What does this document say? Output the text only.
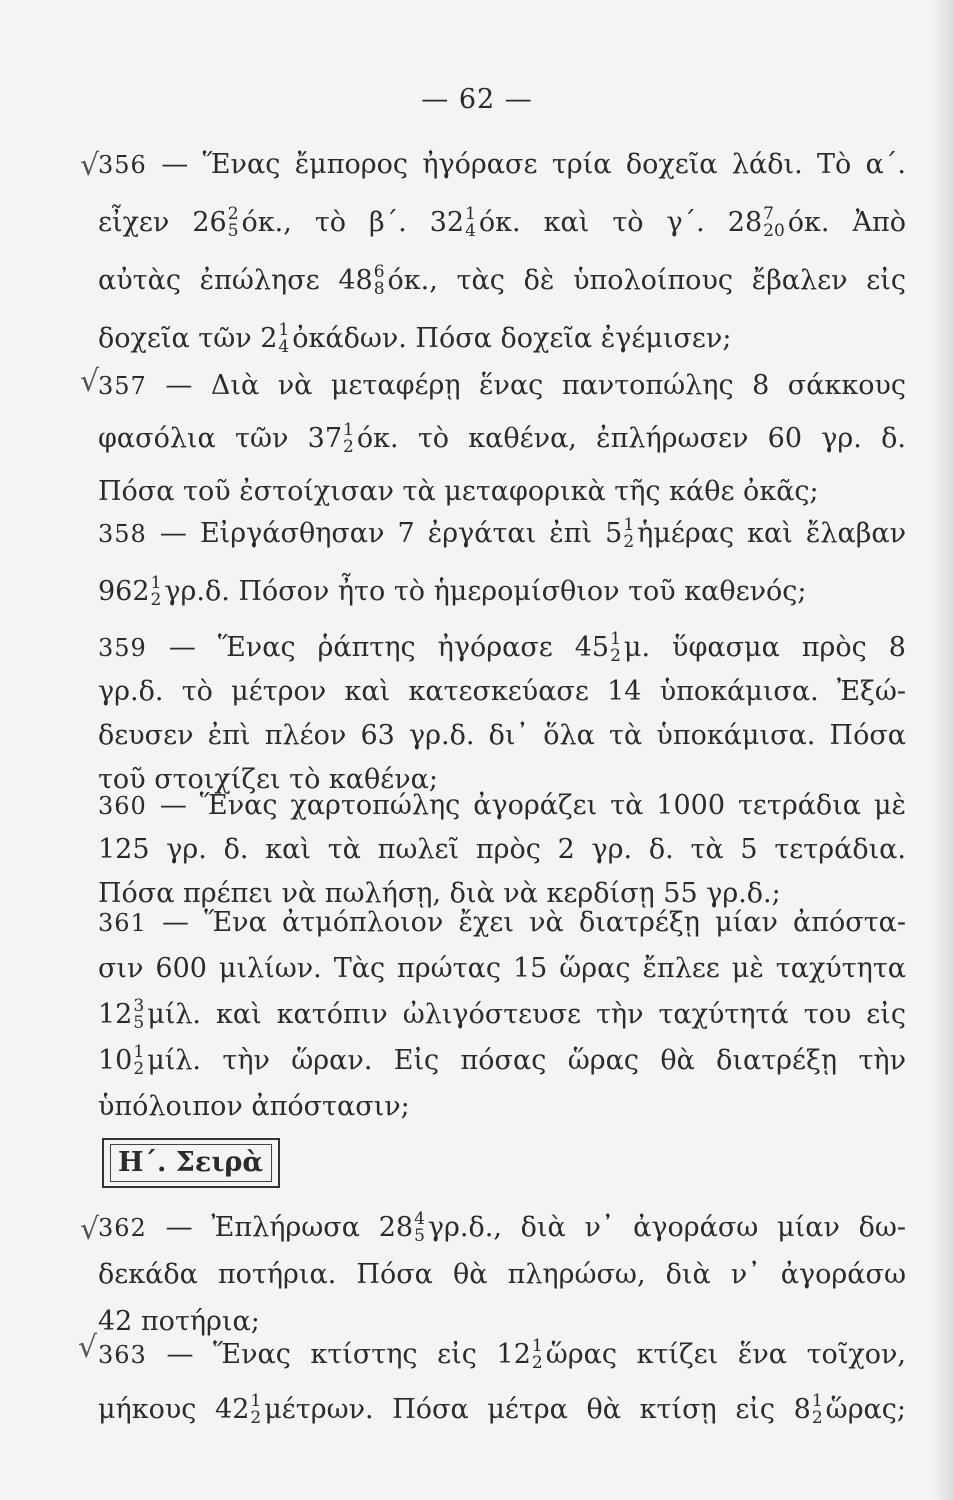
— 62 —
√
√
√
√
356 — Ἕνας ἔμπορος ἠγόρασε τρία δοχεῖα λάδι. Τὸ α΄.
εἶχεν 26 2
5 όκ., τὸ β΄. 32 1
4 όκ. καὶ τὸ γ΄. 28 7
20 όκ. Ἀπὸ
αὐτὰς ἐπώλησε 48 6
8 όκ., τὰς δὲ ὑπολοίπους ἔβαλεν εἰς
δοχεῖα τῶν 2 1
4 ὀκάδων. Πόσα δοχεῖα ἐγέμισεν;
357 — Διὰ νὰ μεταφέρῃ ἕνας παντοπώλης 8 σάκκους
φασόλια τῶν 37 1
2 όκ. τὸ καθένα, ἐπλήρωσεν 60 γρ. δ.
Πόσα τοῦ ἐστοίχισαν τὰ μεταφορικὰ τῆς κάθε ὀκᾶς;
358 — Εἰργάσθησαν 7 ἐργάται ἐπὶ 5 1
2 ἡμέρας καὶ ἔλαβαν
962 1
2 γρ.δ. Πόσον ἦτο τὸ ἡμερομίσθιον τοῦ καθενός;
359 — Ἕνας ῥάπτης ἠγόρασε 45 1
2 μ. ὕφασμα πρὸς 8
γρ.δ. τὸ μέτρον καὶ κατεσκεύασε 14 ὑποκάμισα. Ἐξώ-
δευσεν ἐπὶ πλέον 63 γρ.δ. δι᾿ ὅλα τὰ ὑποκάμισα. Πόσα
τοῦ στοιχίζει τὸ καθένα;
360 — Ἕνας χαρτοπώλης ἀγοράζει τὰ 1000 τετράδια μὲ
125 γρ. δ. καὶ τὰ πωλεῖ πρὸς 2 γρ. δ. τὰ 5 τετράδια.
Πόσα πρέπει νὰ πωλήσῃ, διὰ νὰ κερδίσῃ 55 γρ.δ.;
361 — Ἕνα ἀτμόπλοιον ἔχει νὰ διατρέξῃ μίαν ἀπόστα-
σιν 600 μιλίων. Τὰς πρώτας 15 ὥρας ἔπλεε μὲ ταχύτητα
12 3
5 μίλ. καὶ κατόπιν ὠλιγόστευσε τὴν ταχύτητά του εἰς
10 1
2 μίλ. τὴν ὥραν. Εἰς πόσας ὥρας θὰ διατρέξῃ τὴν
ὑπόλοιπον ἀπόστασιν;
362 — Ἐπλήρωσα 28 4
5 γρ.δ., διὰ ν᾿ ἀγοράσω μίαν δω-
δεκάδα ποτήρια. Πόσα θὰ πληρώσω, διὰ ν᾿ ἀγοράσω
42 ποτήρια;
363 — Ἕνας κτίστης εἰς 12 1
2 ὥρας κτίζει ἕνα τοῖχον,
μήκους 42 1
2 μέτρων. Πόσα μέτρα θὰ κτίσῃ εἰς 8 1
2 ὥρας;
Η΄. Σειρὰ
